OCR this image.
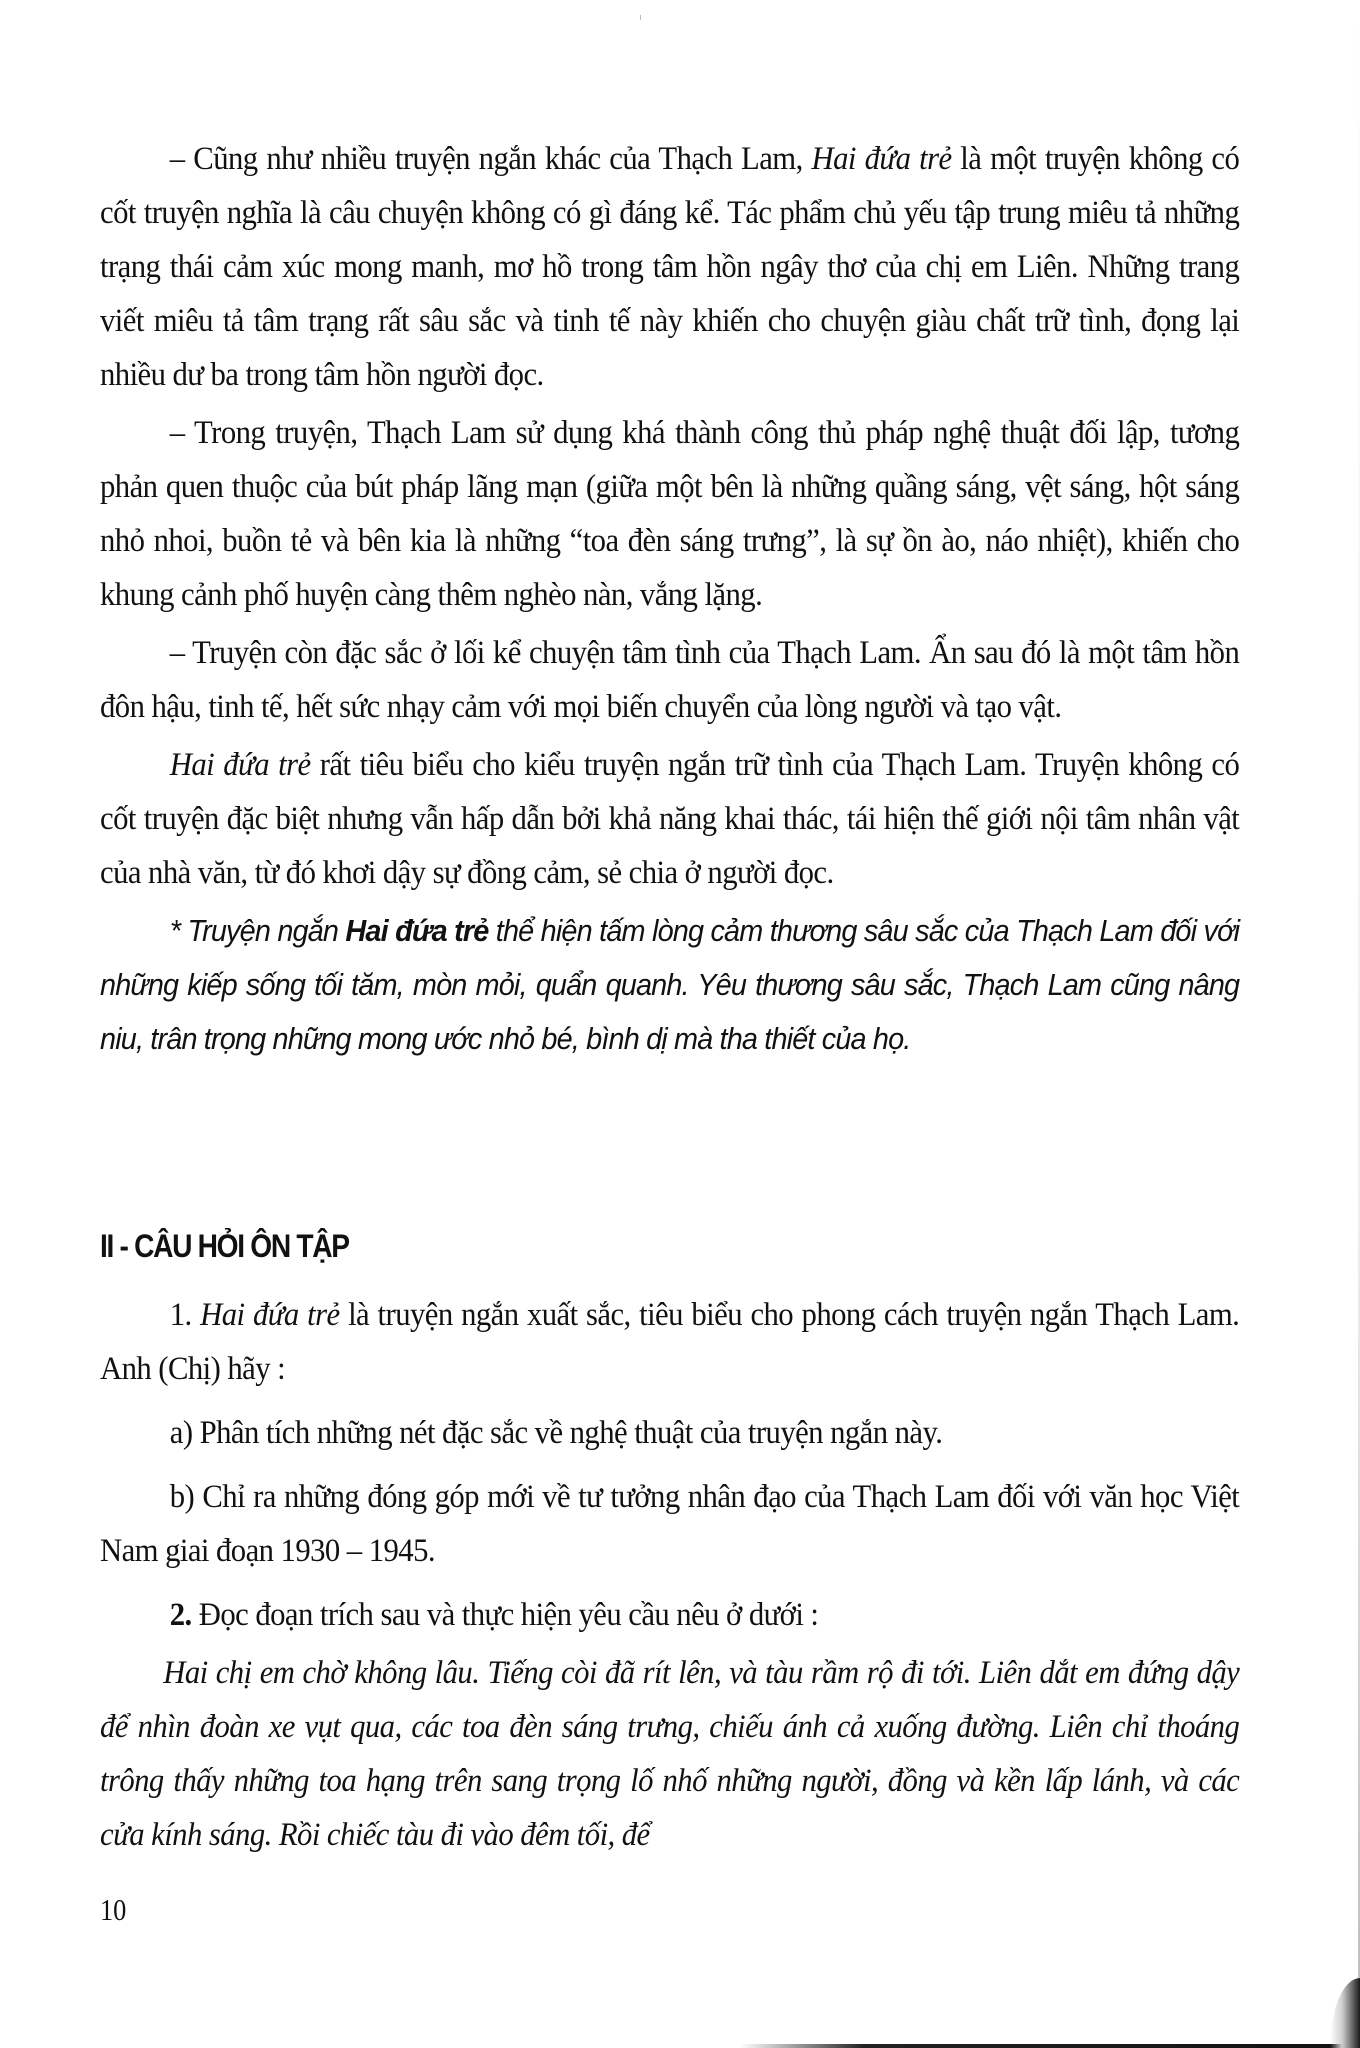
– Cũng như nhiều truyện ngắn khác của Thạch Lam, Hai đứa trẻ là một truyện không có cốt truyện nghĩa là câu chuyện không có gì đáng kể. Tác phẩm chủ yếu tập trung miêu tả những trạng thái cảm xúc mong manh, mơ hồ trong tâm hồn ngây thơ của chị em Liên. Những trang viết miêu tả tâm trạng rất sâu sắc và tinh tế này khiến cho chuyện giàu chất trữ tình, đọng lại nhiều dư ba trong tâm hồn người đọc.

– Trong truyện, Thạch Lam sử dụng khá thành công thủ pháp nghệ thuật đối lập, tương phản quen thuộc của bút pháp lãng mạn (giữa một bên là những quầng sáng, vệt sáng, hột sáng nhỏ nhoi, buồn tẻ và bên kia là những “toa đèn sáng trưng”, là sự ồn ào, náo nhiệt), khiến cho khung cảnh phố huyện càng thêm nghèo nàn, vắng lặng.

– Truyện còn đặc sắc ở lối kể chuyện tâm tình của Thạch Lam. Ẩn sau đó là một tâm hồn đôn hậu, tinh tế, hết sức nhạy cảm với mọi biến chuyển của lòng người và tạo vật.

Hai đứa trẻ rất tiêu biểu cho kiểu truyện ngắn trữ tình của Thạch Lam. Truyện không có cốt truyện đặc biệt nhưng vẫn hấp dẫn bởi khả năng khai thác, tái hiện thế giới nội tâm nhân vật của nhà văn, từ đó khơi dậy sự đồng cảm, sẻ chia ở người đọc.

* Truyện ngắn Hai đứa trẻ thể hiện tấm lòng cảm thương sâu sắc của Thạch Lam đối với những kiếp sống tối tăm, mòn mỏi, quẩn quanh. Yêu thương sâu sắc, Thạch Lam cũng nâng niu, trân trọng những mong ước nhỏ bé, bình dị mà tha thiết của họ.

II - CÂU HỎI ÔN TẬP

1. Hai đứa trẻ là truyện ngắn xuất sắc, tiêu biểu cho phong cách truyện ngắn Thạch Lam. Anh (Chị) hãy :

a) Phân tích những nét đặc sắc về nghệ thuật của truyện ngắn này.

b) Chỉ ra những đóng góp mới về tư tưởng nhân đạo của Thạch Lam đối với văn học Việt Nam giai đoạn 1930 – 1945.

2. Đọc đoạn trích sau và thực hiện yêu cầu nêu ở dưới :

Hai chị em chờ không lâu. Tiếng còi đã rít lên, và tàu rầm rộ đi tới. Liên dắt em đứng dậy để nhìn đoàn xe vụt qua, các toa đèn sáng trưng, chiếu ánh cả xuống đường. Liên chỉ thoáng trông thấy những toa hạng trên sang trọng lố nhố những người, đồng và kền lấp lánh, và các cửa kính sáng. Rồi chiếc tàu đi vào đêm tối, để

10
